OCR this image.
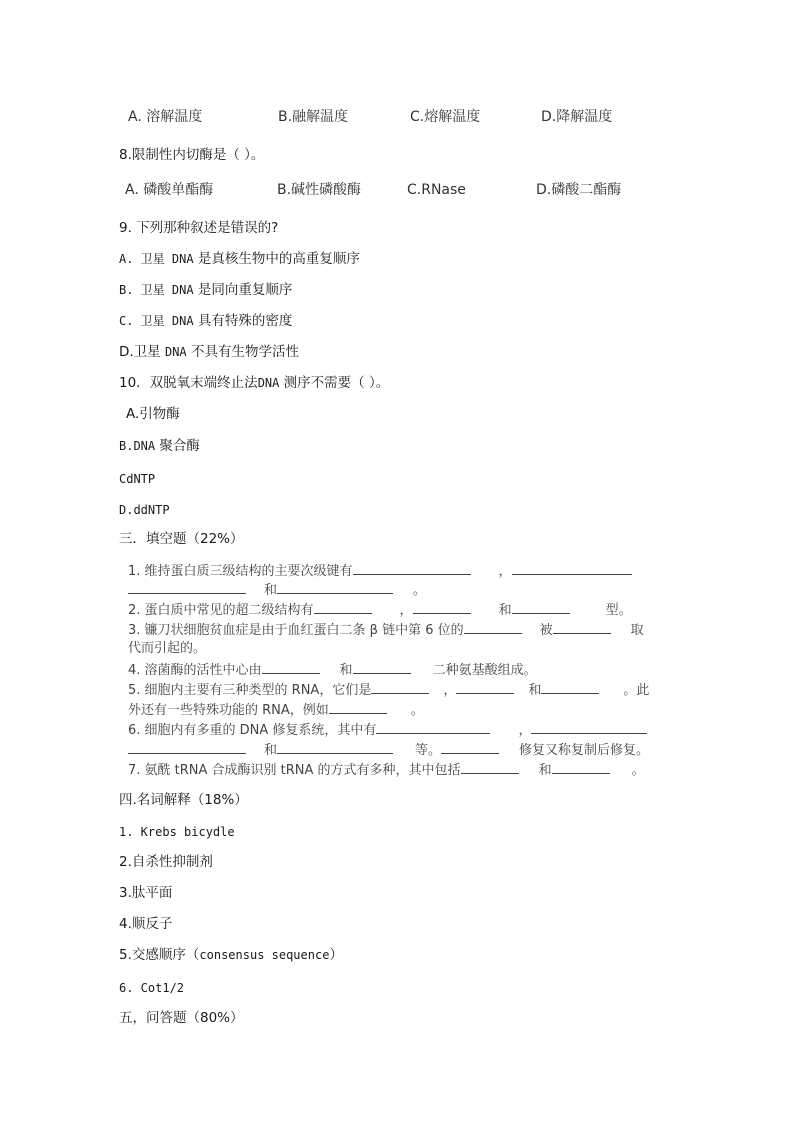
A. 溶解温度	B.融解温度	C.熔解温度	D.降解温度
8.限制性内切酶是（ ）。
A. 磷酸单酯酶	B.碱性磷酸酶	C.RNase	D.磷酸二酯酶
9. 下列那种叙述是错误的?
A. 卫星 DNA 是真核生物中的高重复顺序
B. 卫星 DNA 是同向重复顺序
C. 卫星 DNA 具有特殊的密度
D.卫星 DNA 不具有生物学活性
10．双脱氧末端终止法DNA 测序不需要（ ）。
A.引物酶
B.DNA 聚合酶
CdNTP
D.ddNTP
三．填空题（22%）
1. 维持蛋白质三级结构的主要次级键有	，
和	。
2. 蛋白质中常见的超二级结构有	，	和	型。
3. 镰刀状细胞贫血症是由于血红蛋白二条 β 链中第 6 位的	被	取
代而引起的。
4. 溶菌酶的活性中心由	和	二种氨基酸组成。
5. 细胞内主要有三种类型的 RNA，它们是	，	和	。此
外还有一些特殊功能的 RNA，例如	。
6. 细胞内有多重的 DNA 修复系统，其中有	，
和	等。	修复又称复制后修复。
7. 氨酰 tRNA 合成酶识别 tRNA 的方式有多种，其中包括	和	。
四.名词解释（18%）
1. Krebs bicydle
2.自杀性抑制剂
3.肽平面
4.顺反子
5.交感顺序（consensus sequence）
6. Cot1/2
五，问答题（80%）
